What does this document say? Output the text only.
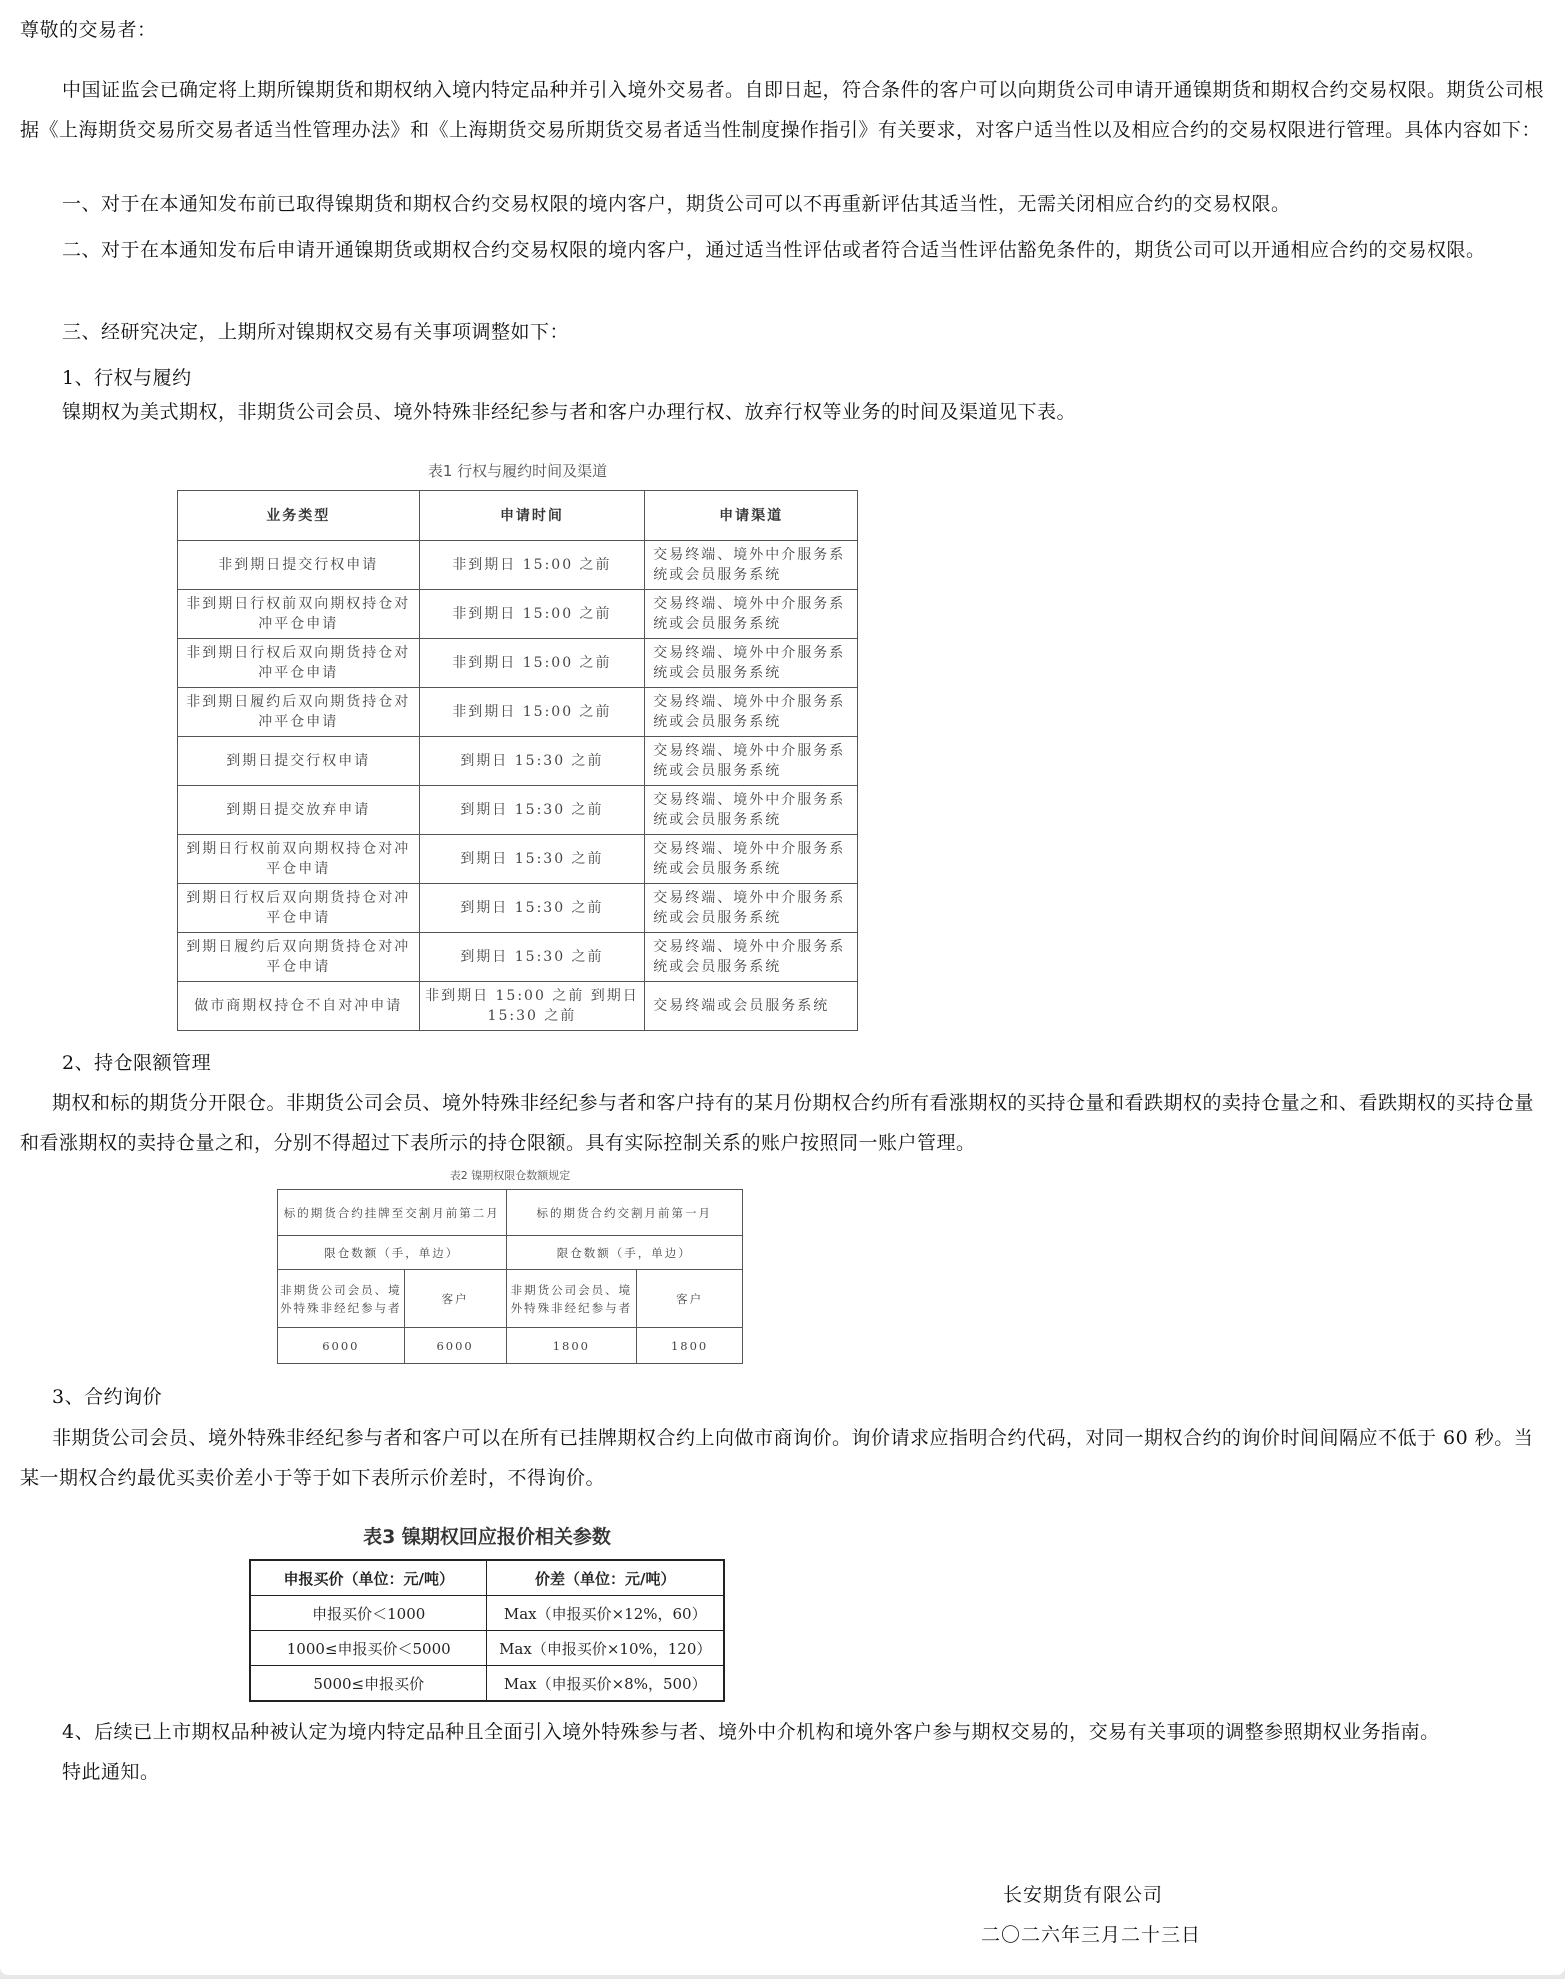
尊敬的交易者：
中国证监会已确定将上期所镍期货和期权纳入境内特定品种并引入境外交易者。自即日起，符合条件的客户可以向期货公司申请开通镍期货和期权合约交易权限。期货公司根据《上海期货交易所交易者适当性管理办法》和《上海期货交易所期货交易者适当性制度操作指引》有关要求，对客户适当性以及相应合约的交易权限进行管理。具体内容如下：
一、对于在本通知发布前已取得镍期货和期权合约交易权限的境内客户，期货公司可以不再重新评估其适当性，无需关闭相应合约的交易权限。
二、对于在本通知发布后申请开通镍期货或期权合约交易权限的境内客户，通过适当性评估或者符合适当性评估豁免条件的，期货公司可以开通相应合约的交易权限。
三、经研究决定，上期所对镍期权交易有关事项调整如下：
1、行权与履约
镍期权为美式期权，非期货公司会员、境外特殊非经纪参与者和客户办理行权、放弃行权等业务的时间及渠道见下表。
表1 行权与履约时间及渠道
业务类型	申请时间	申请渠道
非到期日提交行权申请	非到期日 15:00 之前	交易终端、境外中介服务系统或会员服务系统
非到期日行权前双向期权持仓对冲平仓申请	非到期日 15:00 之前	交易终端、境外中介服务系统或会员服务系统
非到期日行权后双向期货持仓对冲平仓申请	非到期日 15:00 之前	交易终端、境外中介服务系统或会员服务系统
非到期日履约后双向期货持仓对冲平仓申请	非到期日 15:00 之前	交易终端、境外中介服务系统或会员服务系统
到期日提交行权申请	到期日 15:30 之前	交易终端、境外中介服务系统或会员服务系统
到期日提交放弃申请	到期日 15:30 之前	交易终端、境外中介服务系统或会员服务系统
到期日行权前双向期权持仓对冲平仓申请	到期日 15:30 之前	交易终端、境外中介服务系统或会员服务系统
到期日行权后双向期货持仓对冲平仓申请	到期日 15:30 之前	交易终端、境外中介服务系统或会员服务系统
到期日履约后双向期货持仓对冲平仓申请	到期日 15:30 之前	交易终端、境外中介服务系统或会员服务系统
做市商期权持仓不自对冲申请	非到期日 15:00 之前 到期日 15:30 之前	交易终端或会员服务系统
2、持仓限额管理
期权和标的期货分开限仓。非期货公司会员、境外特殊非经纪参与者和客户持有的某月份期权合约所有看涨期权的买持仓量和看跌期权的卖持仓量之和、看跌期权的买持仓量和看涨期权的卖持仓量之和，分别不得超过下表所示的持仓限额。具有实际控制关系的账户按照同一账户管理。
表2 镍期权限仓数额规定
标的期货合约挂牌至交割月前第二月		标的期货合约交割月前第一月	
限仓数额（手，单边）		限仓数额（手，单边）	
非期货公司会员、境外特殊非经纪参与者	客户	非期货公司会员、境外特殊非经纪参与者	客户
6000	6000	1800	1800
3、合约询价
非期货公司会员、境外特殊非经纪参与者和客户可以在所有已挂牌期权合约上向做市商询价。询价请求应指明合约代码，对同一期权合约的询价时间间隔应不低于 60 秒。当某一期权合约最优买卖价差小于等于如下表所示价差时，不得询价。
表3 镍期权回应报价相关参数
申报买价（单位：元/吨）	价差（单位：元/吨）
申报买价＜1000	Max（申报买价×12%，60）
1000≤申报买价＜5000	Max（申报买价×10%，120）
5000≤申报买价	Max（申报买价×8%，500）
4、后续已上市期权品种被认定为境内特定品种且全面引入境外特殊参与者、境外中介机构和境外客户参与期权交易的，交易有关事项的调整参照期权业务指南。
特此通知。
长安期货有限公司
二〇二六年三月二十三日
